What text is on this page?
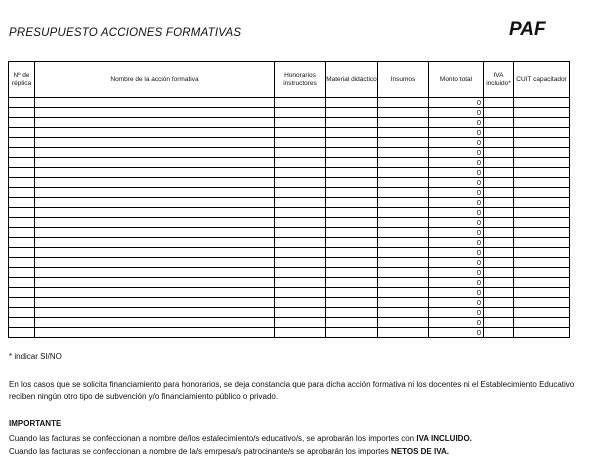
PRESUPUESTO ACCIONES FORMATIVAS	PAF
Nº de réplica	Nombre de la acción formativa	Honorarios instructores	Material didáctico	Insumos	Monto total	IVA incluido*	CUIT capacitador
					0		
					0		
					0		
					0		
					0		
					0		
					0		
					0		
					0		
					0		
					0		
					0		
					0		
					0		
					0		
					0		
					0		
					0		
					0		
					0		
					0		
					0		
					0		
					0		
* indicar SI/NO
En los casos que se solicita financiamiento para honorarios, se deja constancia que para dicha acción formativa ni los docentes ni el Establecimiento Educativo reciben ningún otro tipo de subvención y/o financiamiento público o privado.
IMPORTANTE
Cuando las facturas se confeccionan a nombre de/los estalecimiento/s educativo/s, se aprobarán los importes con IVA INCLUIDO.
Cuando las facturas se confeccionan a nombre de la/s emrpesa/s patrocinante/s se aprobarán los importes NETOS DE IVA.
